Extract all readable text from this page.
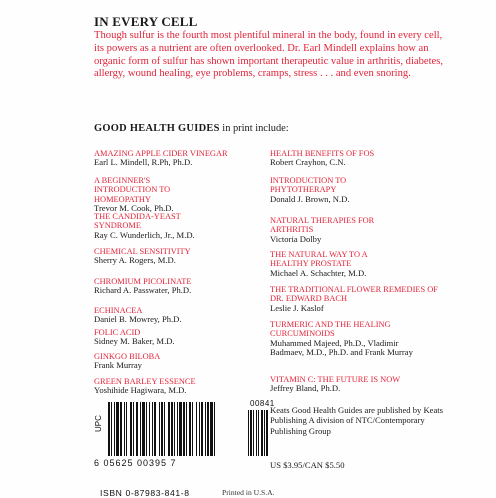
IN EVERY CELL
Though sulfur is the fourth most plentiful mineral in the body, found in every cell, its powers as a nutrient are often overlooked. Dr. Earl Mindell explains how an organic form of sulfur has shown important therapeutic value in arthritis, diabetes, allergy, wound healing, eye problems, cramps, stress . . . and even snoring.
GOOD HEALTH GUIDES in print include:
AMAZING APPLE CIDER VINEGAR
Earl L. Mindell, R.Ph, Ph.D.
A BEGINNER'S INTRODUCTION TO HOMEOPATHY
Trevor M. Cook, Ph.D.
THE CANDIDA-YEAST SYNDROME
Ray C. Wunderlich, Jr., M.D.
CHEMICAL SENSITIVITY
Sherry A. Rogers, M.D.
CHROMIUM PICOLINATE
Richard A. Passwater, Ph.D.
ECHINACEA
Daniel B. Mowrey, Ph.D.
FOLIC ACID
Sidney M. Baker, M.D.
GINKGO BILOBA
Frank Murray
GREEN BARLEY ESSENCE
Yoshihide Hagiwara, M.D.
HEALTH BENEFITS OF FOS
Robert Crayhon, C.N.
INTRODUCTION TO PHYTOTHERAPY
Donald J. Brown, N.D.
NATURAL THERAPIES FOR ARTHRITIS
Victoria Dolby
THE NATURAL WAY TO A HEALTHY PROSTATE
Michael A. Schachter, M.D.
THE TRADITIONAL FLOWER REMEDIES OF DR. EDWARD BACH
Leslie J. Kaslof
TURMERIC AND THE HEALING CURCUMINOIDS
Muhammed Majeed, Ph.D., Vladimir Badmaev, M.D., Ph.D. and Frank Murray
VITAMIN C: THE FUTURE IS NOW
Jeffrey Bland, Ph.D.
UPC
00841
6 05625 00395 7
ISBN 0-87983-841-8
Keats Good Health Guides are published by Keats Publishing A division of NTC/Contemporary Publishing Group
US $3.95/CAN $5.50
Printed in U.S.A.
